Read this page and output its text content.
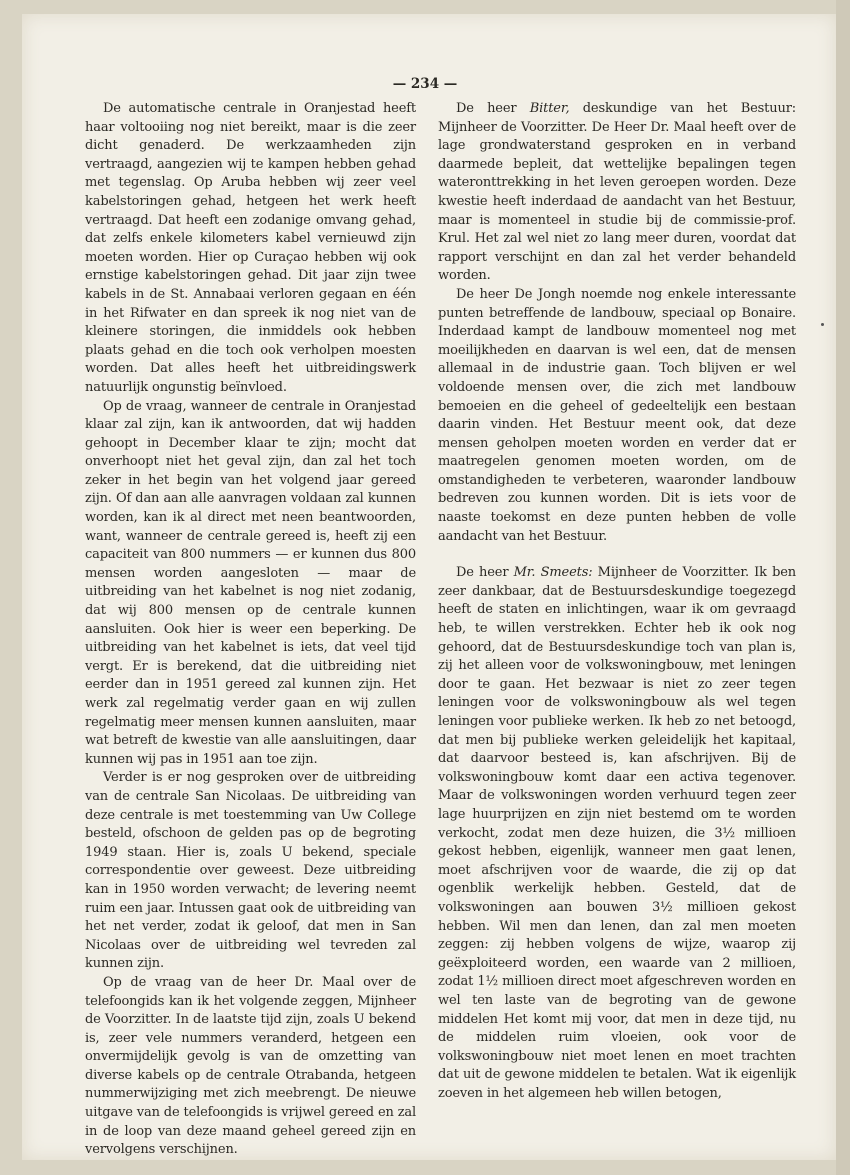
— 234 —

De automatische centrale in Oranjestad heeft haar voltooiing nog niet bereikt, maar is die zeer dicht genaderd. De werkzaamheden zijn vertraagd, aangezien wij te kampen hebben gehad met tegenslag. Op Aruba hebben wij zeer veel kabelstoringen gehad, hetgeen het werk heeft vertraagd. Dat heeft een zodanige omvang gehad, dat zelfs enkele kilometers kabel vernieuwd zijn moeten worden. Hier op Curaçao hebben wij ook ernstige kabelstoringen gehad. Dit jaar zijn twee kabels in de St. Annabaai verloren gegaan en één in het Rifwater en dan spreek ik nog niet van de kleinere storingen, die inmiddels ook hebben plaats gehad en die toch ook verholpen moesten worden. Dat alles heeft het uitbreidingswerk natuurlijk ongunstig beïnvloed.

Op de vraag, wanneer de centrale in Oranjestad klaar zal zijn, kan ik antwoorden, dat wij hadden gehoopt in December klaar te zijn; mocht dat onverhoopt niet het geval zijn, dan zal het toch zeker in het begin van het volgend jaar gereed zijn. Of dan aan alle aanvragen voldaan zal kunnen worden, kan ik al direct met neen beantwoorden, want, wanneer de centrale gereed is, heeft zij een capaciteit van 800 nummers — er kunnen dus 800 mensen worden aangesloten — maar de uitbreiding van het kabelnet is nog niet zodanig, dat wij 800 mensen op de centrale kunnen aansluiten. Ook hier is weer een beperking. De uitbreiding van het kabelnet is iets, dat veel tijd vergt. Er is berekend, dat die uitbreiding niet eerder dan in 1951 gereed zal kunnen zijn. Het werk zal regelmatig verder gaan en wij zullen regelmatig meer mensen kunnen aansluiten, maar wat betreft de kwestie van alle aansluitingen, daar kunnen wij pas in 1951 aan toe zijn.

Verder is er nog gesproken over de uitbreiding van de centrale San Nicolaas. De uitbreiding van deze centrale is met toestemming van Uw College besteld, ofschoon de gelden pas op de begroting 1949 staan. Hier is, zoals U bekend, speciale correspondentie over geweest. Deze uitbreiding kan in 1950 worden verwacht; de levering neemt ruim een jaar. Intussen gaat ook de uitbreiding van het net verder, zodat ik geloof, dat men in San Nicolaas over de uitbreiding wel tevreden zal kunnen zijn.

Op de vraag van de heer Dr. Maal over de telefoongids kan ik het volgende zeggen, Mijnheer de Voorzitter. In de laatste tijd zijn, zoals U bekend is, zeer vele nummers veranderd, hetgeen een onvermijdelijk gevolg is van de omzetting van diverse kabels op de centrale Otrabanda, hetgeen nummerwijziging met zich meebrengt. De nieuwe uitgave van de telefoongids is vrijwel gereed en zal in de loop van deze maand geheel gereed zijn en vervolgens verschijnen.

De heer Bitter, deskundige van het Bestuur: Mijnheer de Voorzitter. De Heer Dr. Maal heeft over de lage grondwaterstand gesproken en in verband daarmede bepleit, dat wettelijke bepalingen tegen wateronttrekking in het leven geroepen worden. Deze kwestie heeft inderdaad de aandacht van het Bestuur, maar is momenteel in studie bij de commissie-prof. Krul. Het zal wel niet zo lang meer duren, voordat dat rapport verschijnt en dan zal het verder behandeld worden.

De heer De Jongh noemde nog enkele interessante punten betreffende de landbouw, speciaal op Bonaire. Inderdaad kampt de landbouw momenteel nog met moeilijkheden en daarvan is wel een, dat de mensen allemaal in de industrie gaan. Toch blijven er wel voldoende mensen over, die zich met landbouw bemoeien en die geheel of gedeeltelijk een bestaan daarin vinden. Het Bestuur meent ook, dat deze mensen geholpen moeten worden en verder dat er maatregelen genomen moeten worden, om de omstandigheden te verbeteren, waaronder landbouw bedreven zou kunnen worden. Dit is iets voor de naaste toekomst en deze punten hebben de volle aandacht van het Bestuur.

De heer Mr. Smeets: Mijnheer de Voorzitter. Ik ben zeer dankbaar, dat de Bestuursdeskundige toegezegd heeft de staten en inlichtingen, waar ik om gevraagd heb, te willen verstrekken. Echter heb ik ook nog gehoord, dat de Bestuursdeskundige toch van plan is, zij het alleen voor de volkswoningbouw, met leningen door te gaan. Het bezwaar is niet zo zeer tegen leningen voor de volkswoningbouw als wel tegen leningen voor publieke werken. Ik heb zo net betoogd, dat men bij publieke werken geleidelijk het kapitaal, dat daarvoor besteed is, kan afschrijven. Bij de volkswoningbouw komt daar een activa tegenover. Maar de volkswoningen worden verhuurd tegen zeer lage huurprijzen en zijn niet bestemd om te worden verkocht, zodat men deze huizen, die 3½ millioen gekost hebben, eigenlijk, wanneer men gaat lenen, moet afschrijven voor de waarde, die zij op dat ogenblik werkelijk hebben. Gesteld, dat de volkswoningen aan bouwen 3½ millioen gekost hebben. Wil men dan lenen, dan zal men moeten zeggen: zij hebben volgens de wijze, waarop zij geëxploiteerd worden, een waarde van 2 millioen, zodat 1½ millioen direct moet afgeschreven worden en wel ten laste van de begroting van de gewone middelen Het komt mij voor, dat men in deze tijd, nu de middelen ruim vloeien, ook voor de volkswoningbouw niet moet lenen en moet trachten dat uit de gewone middelen te betalen. Wat ik eigenlijk zoeven in het algemeen heb willen betogen,
